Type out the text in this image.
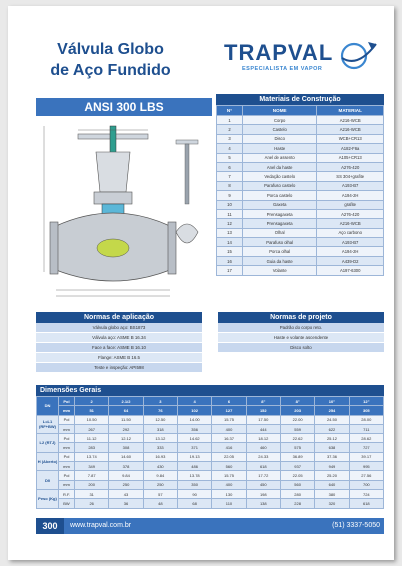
Válvula Globo
de Aço Fundido
TRAPVAL
ESPECIALISTA EM VAPOR
ANSI 300 LBS
Materiais de Construção
N°	NOME	MATERIAL
1	Corpo	A216-WCB
2	Castelo	A216-WCB
3	Disco	WCB+CR13
4	Haste	A182-F6a
5	Anel de assento	A105+CR13
6	Anel da haste	A276-420
7	Vedação castelo	SS 304+grafite
8	Parafuso castelo	A193-B7
9	Porca castelo	A194-2H
10	Gaxeta	grafite
11	Prensagaxeta	A276-420
12	Prensagaxeta	A216-WCB
13	Olhal	Aço carbono
14	Parafuso olhal	A193-B7
15	Porca olhal	A194-2H
16	Guia da haste	A439-D2
17	Volante	A197-6300
Normas de aplicação
Válvula globo aço: BS1873
Válvula aço: ASME B 16.34
Face a face: ASME B 16.10
Flange: ASME B 16.5
Teste e inspeção: API598
Normas de projeto
Padrão do corpo reto.
Haste e volante ascendente
Disco solto
Dimensões Gerais
DN	Pol	2	2.1/2	3	4	6	8"	8"	10"	12"
	mm	51	64	76	102	127	152	203	254	305
L=L1 (RF+BW)	Pol	10.50	11.50	12.50	14.00	15.75	17.50	22.00	24.50	28.00
	mm	267	292	318	356	400	444	559	622	711
L2 (RTJ)	Pol	11.12	12.12	13.12	14.62	16.37	18.12	22.62	25.12	28.62
	mm	283	308	333	371	416	460	575	638	727
H (Aberto)	Pol	13.74	14.60	16.93	19.13	22.05	24.33	36.89	37.36	39.17
	mm	349	378	430	486	560	618	937	949	995
D0	Pol	7.87	9.84	9.84	13.78	15.75	17.72	22.05	25.20	27.56
	mm	200	250	250	350	400	450	560	640	700
Peso (Kg)	R.F.	31	43	57	90	130	198	280	380	724
	BW	26	36	48	68	110	138	228	320	618
300	www.trapval.com.br	(51) 3337-5050
